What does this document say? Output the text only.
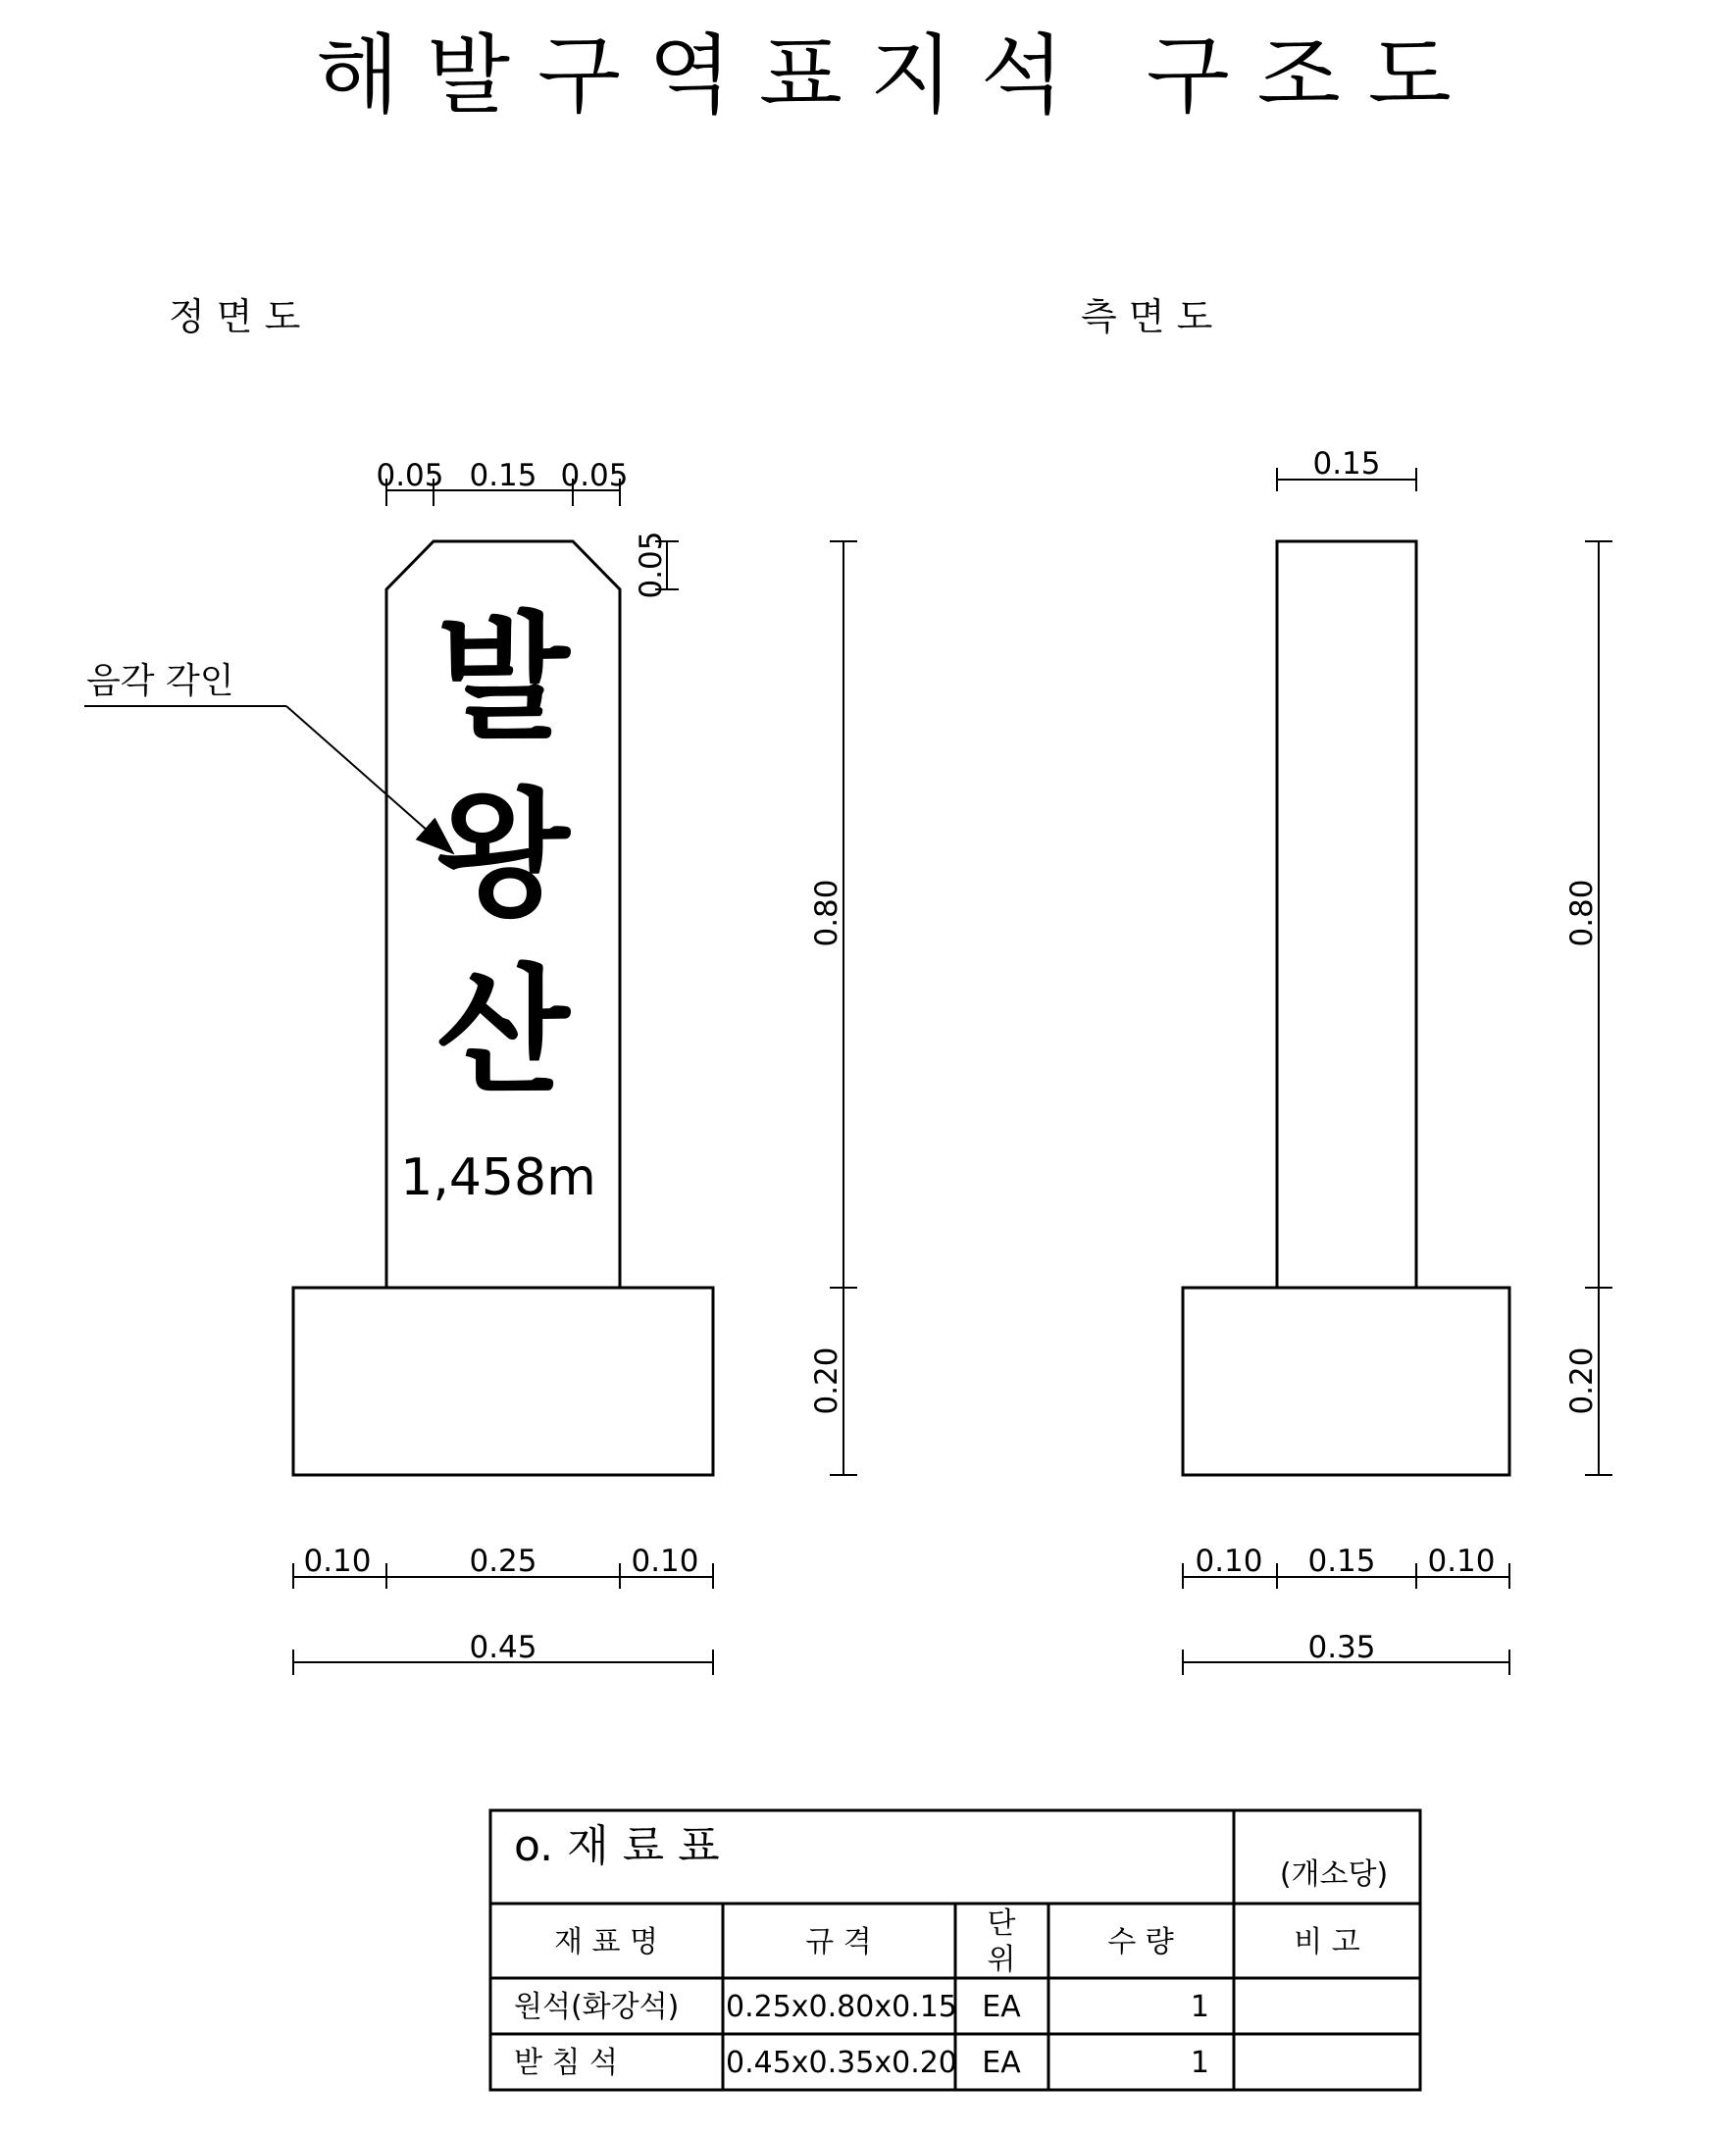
해 발 구 역 표 지 석   구 조 도
정 면 도	측 면 도
발
왕
산
1,458m
음각 각인
0.05 0.15 0.05
0.05
0.80
0.20
0.10	0.25	0.10
0.45
0.15
0.80
0.20
0.10 0.15 0.10
0.35
o. 재 료 표
(개소당)
재 표 명	규 격
단
위
수 량	비 고
원석(화강석) 0.25x0.80x0.15 EA	1
받 침 석	0.45x0.35x0.20 EA	1
